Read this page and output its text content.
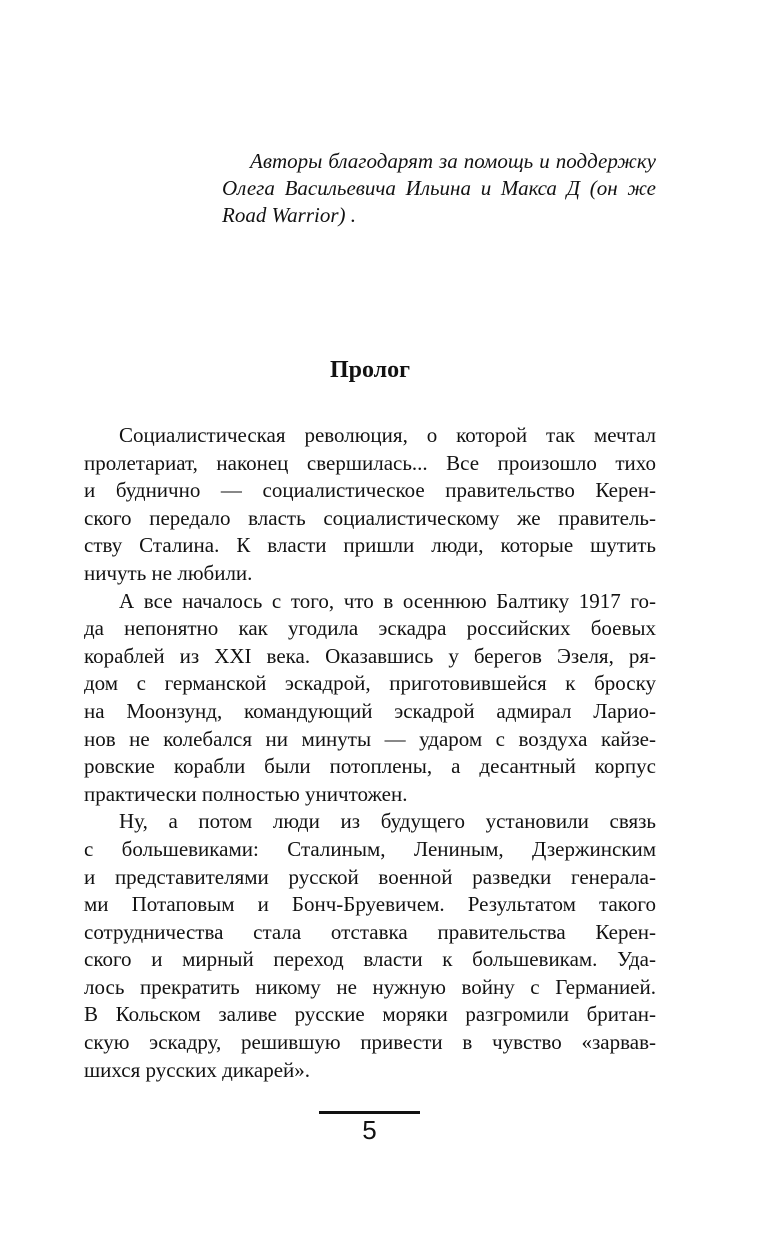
Авторы благодарят за помощь и поддержку
Олега Васильевича Ильина и Макса Д (он же
Road Warrior) .
Пролог
Социалистическая революция, о которой так мечтал
пролетариат, наконец свершилась... Все произошло тихо
и буднично — социалистическое правительство Керен-
ского передало власть социалистическому же правитель-
ству Сталина. К власти пришли люди, которые шутить
ничуть не любили.
А все началось с того, что в осеннюю Балтику 1917 го-
да непонятно как угодила эскадра российских боевых
кораблей из XXI века. Оказавшись у берегов Эзеля, ря-
дом с германской эскадрой, приготовившейся к броску
на Моонзунд, командующий эскадрой адмирал Ларио-
нов не колебался ни минуты — ударом с воздуха кайзе-
ровские корабли были потоплены, а десантный корпус
практически полностью уничтожен.
Ну, а потом люди из будущего установили связь
с большевиками: Сталиным, Лениным, Дзержинским
и представителями русской военной разведки генерала-
ми Потаповым и Бонч-Бруевичем. Результатом такого
сотрудничества стала отставка правительства Керен-
ского и мирный переход власти к большевикам. Уда-
лось прекратить никому не нужную войну с Германией.
В Кольском заливе русские моряки разгромили британ-
скую эскадру, решившую привести в чувство «зарвав-
шихся русских дикарей».
5
